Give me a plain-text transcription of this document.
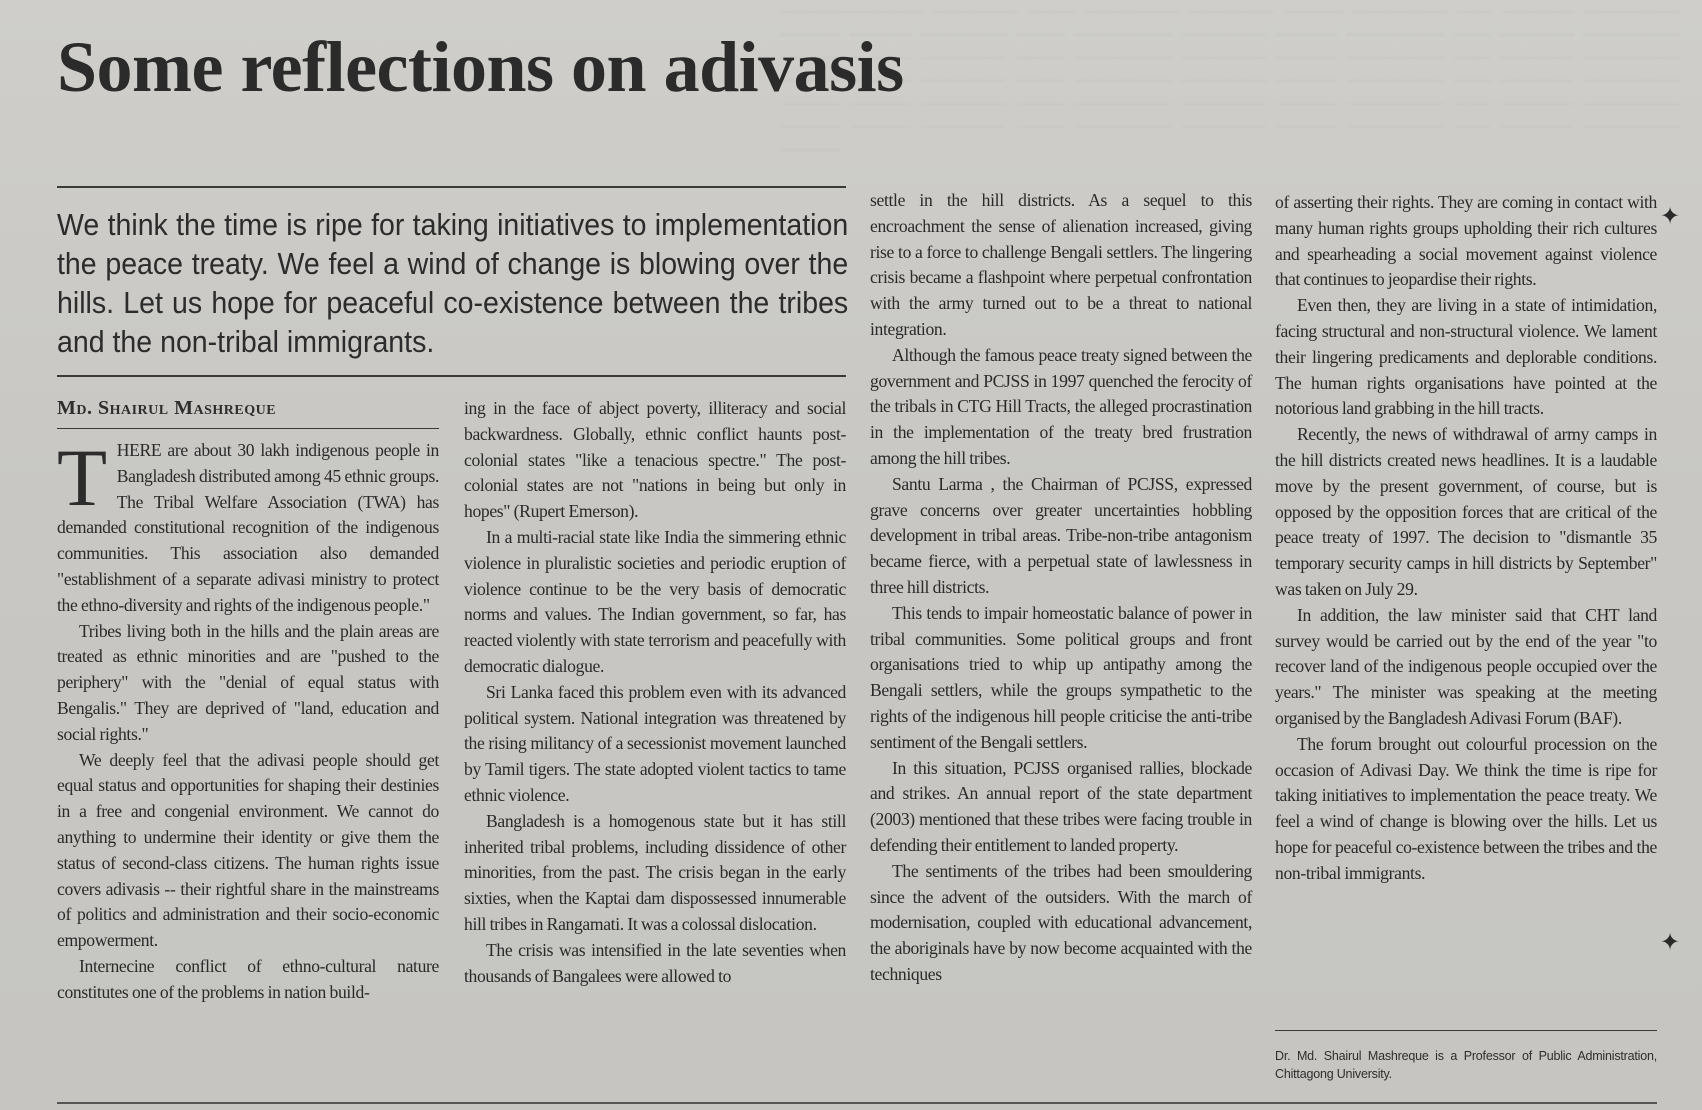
──────────── ─────── ──── ──────── ─────── ───── ──────── ─── ────── ──────── ───── ───── ─────── ──── ──────── ─────── ───── ──────── ─── ────── ──────── ───── ───── ─────── ──── ──────── ─────── ───── ──────── ─── ────── ──────── ───── ───── ─────── ──── ──────── ─────── ───── ──────── ─── ────── ──────── ───── ───── ─────── ──── ──────── ─────── ───── ──────── ─── ────── ──────── ───── ───── ─────── ──── ──────── ─────── ───── ──────── ─── ────── ──────── ─────
Some reflections on adivasis

We think the time is ripe for taking initiatives to implementation the peace treaty. We feel a wind of change is blowing over the hills. Let us hope for peaceful co-existence between the tribes and the non-tribal immigrants.

Md. Shairul Mashreque

THERE are about 30 lakh indigenous people in Bangladesh distributed among 45 ethnic groups. The Tribal Welfare Association (TWA) has demanded constitutional recognition of the indigenous communities. This association also demanded "establishment of a separate adivasi ministry to protect the ethno-diversity and rights of the indigenous people."

Tribes living both in the hills and the plain areas are treated as ethnic minorities and are "pushed to the periphery" with the "denial of equal status with Bengalis." They are deprived of "land, education and social rights."

We deeply feel that the adivasi people should get equal status and opportunities for shaping their destinies in a free and congenial environment. We cannot do anything to undermine their identity or give them the status of second-class citizens. The human rights issue covers adivasis -- their rightful share in the mainstreams of politics and administration and their socio-economic empowerment.

Internecine conflict of ethno-cultural nature constitutes one of the problems in nation build-

ing in the face of abject poverty, illiteracy and social backwardness. Globally, ethnic conflict haunts post-colonial states "like a tenacious spectre." The post-colonial states are not "nations in being but only in hopes" (Rupert Emerson).

In a multi-racial state like India the simmering ethnic violence in pluralistic societies and periodic eruption of violence continue to be the very basis of democratic norms and values. The Indian government, so far, has reacted violently with state terrorism and peacefully with democratic dialogue.

Sri Lanka faced this problem even with its advanced political system. National integration was threatened by the rising militancy of a secessionist movement launched by Tamil tigers. The state adopted violent tactics to tame ethnic violence.

Bangladesh is a homogenous state but it has still inherited tribal problems, including dissidence of other minorities, from the past. The crisis began in the early sixties, when the Kaptai dam dispossessed innumerable hill tribes in Rangamati. It was a colossal dislocation.

The crisis was intensified in the late seventies when thousands of Bangalees were allowed to

settle in the hill districts. As a sequel to this encroachment the sense of alienation increased, giving rise to a force to challenge Bengali settlers. The lingering crisis became a flashpoint where perpetual confrontation with the army turned out to be a threat to national integration.

Although the famous peace treaty signed between the government and PCJSS in 1997 quenched the ferocity of the tribals in CTG Hill Tracts, the alleged procrastination in the implementation of the treaty bred frustration among the hill tribes.

Santu Larma , the Chairman of PCJSS, expressed grave concerns over greater uncertainties hobbling development in tribal areas. Tribe-non-tribe antagonism became fierce, with a perpetual state of lawlessness in three hill districts.

This tends to impair homeostatic balance of power in tribal communities. Some political groups and front organisations tried to whip up antipathy among the Bengali settlers, while the groups sympathetic to the rights of the indigenous hill people criticise the anti-tribe sentiment of the Bengali settlers.

In this situation, PCJSS organised rallies, blockade and strikes. An annual report of the state department (2003) mentioned that these tribes were facing trouble in defending their entitlement to landed property.

The sentiments of the tribes had been smouldering since the advent of the outsiders. With the march of modernisation, coupled with educational advancement, the aboriginals have by now become acquainted with the techniques

of asserting their rights. They are coming in contact with many human rights groups upholding their rich cultures and spearheading a social movement against violence that continues to jeopardise their rights.

Even then, they are living in a state of intimidation, facing structural and non-structural violence. We lament their lingering predicaments and deplorable conditions. The human rights organisations have pointed at the notorious land grabbing in the hill tracts.

Recently, the news of withdrawal of army camps in the hill districts created news headlines. It is a laudable move by the present government, of course, but is opposed by the opposition forces that are critical of the peace treaty of 1997. The decision to "dismantle 35 temporary security camps in hill districts by September" was taken on July 29.

In addition, the law minister said that CHT land survey would be carried out by the end of the year "to recover land of the indigenous people occupied over the years." The minister was speaking at the meeting organised by the Bangladesh Adivasi Forum (BAF).

The forum brought out colourful procession on the occasion of Adivasi Day. We think the time is ripe for taking initiatives to implementation the peace treaty. We feel a wind of change is blowing over the hills. Let us hope for peaceful co-existence between the tribes and the non-tribal immigrants.

Dr. Md. Shairul Mashreque is a Professor of Public Administration, Chittagong University.

✦
✦
